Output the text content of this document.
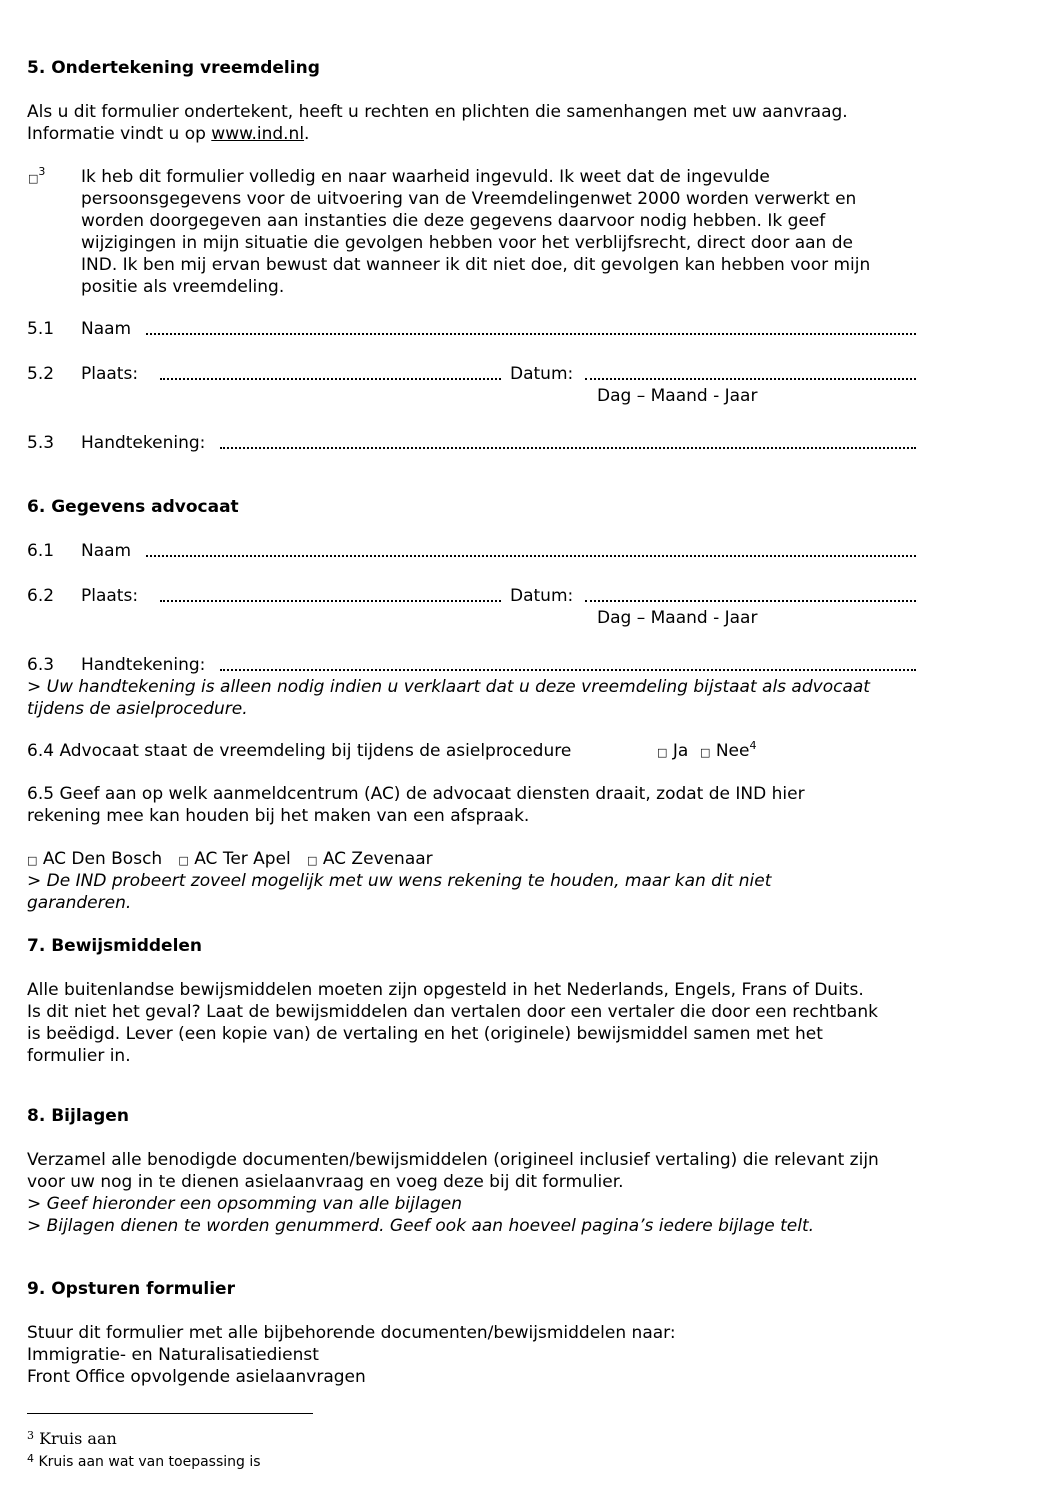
5. Ondertekening vreemdeling
Als u dit formulier ondertekent, heeft u rechten en plichten die samenhangen met uw aanvraag.
Informatie vindt u op www.ind.nl.
□$^3$ Ik heb dit formulier volledig en naar waarheid ingevuld. Ik weet dat de ingevulde
persoonsgegevens voor de uitvoering van de Vreemdelingenwet 2000 worden verwerkt en
worden doorgegeven aan instanties die deze gegevens daarvoor nodig hebben. Ik geef
wijzigingen in mijn situatie die gevolgen hebben voor het verblijfsrecht, direct door aan de
IND. Ik ben mij ervan bewust dat wanneer ik dit niet doe, dit gevolgen kan hebben voor mijn
positie als vreemdeling.
5.1 Naam
5.2 Plaats:	Datum:
Dag – Maand - Jaar
5.3 Handtekening:
6. Gegevens advocaat
6.1 Naam
6.2 Plaats:	Datum:
Dag – Maand - Jaar
6.3 Handtekening:
> Uw handtekening is alleen nodig indien u verklaart dat u deze vreemdeling bijstaat als advocaat
tijdens de asielprocedure.
6.4 Advocaat staat de vreemdeling bij tijdens de asielprocedure	□ Ja □ Nee$^4$
6.5 Geef aan op welk aanmeldcentrum (AC) de advocaat diensten draait, zodat de IND hier
rekening mee kan houden bij het maken van een afspraak.
□ AC Den Bosch □ AC Ter Apel □ AC Zevenaar
> De IND probeert zoveel mogelijk met uw wens rekening te houden, maar kan dit niet
garanderen.
7. Bewijsmiddelen
Alle buitenlandse bewijsmiddelen moeten zijn opgesteld in het Nederlands, Engels, Frans of Duits.
Is dit niet het geval? Laat de bewijsmiddelen dan vertalen door een vertaler die door een rechtbank
is beëdigd. Lever (een kopie van) de vertaling en het (originele) bewijsmiddel samen met het
formulier in.
8. Bijlagen
Verzamel alle benodigde documenten/bewijsmiddelen (origineel inclusief vertaling) die relevant zijn
voor uw nog in te dienen asielaanvraag en voeg deze bij dit formulier.
> Geef hieronder een opsomming van alle bijlagen
> Bijlagen dienen te worden genummerd. Geef ook aan hoeveel pagina’s iedere bijlage telt.
9. Opsturen formulier
Stuur dit formulier met alle bijbehorende documenten/bewijsmiddelen naar:
Immigratie- en Naturalisatiedienst
Front Office opvolgende asielaanvragen
$^3$ Kruis aan
$^4$ Kruis aan wat van toepassing is
